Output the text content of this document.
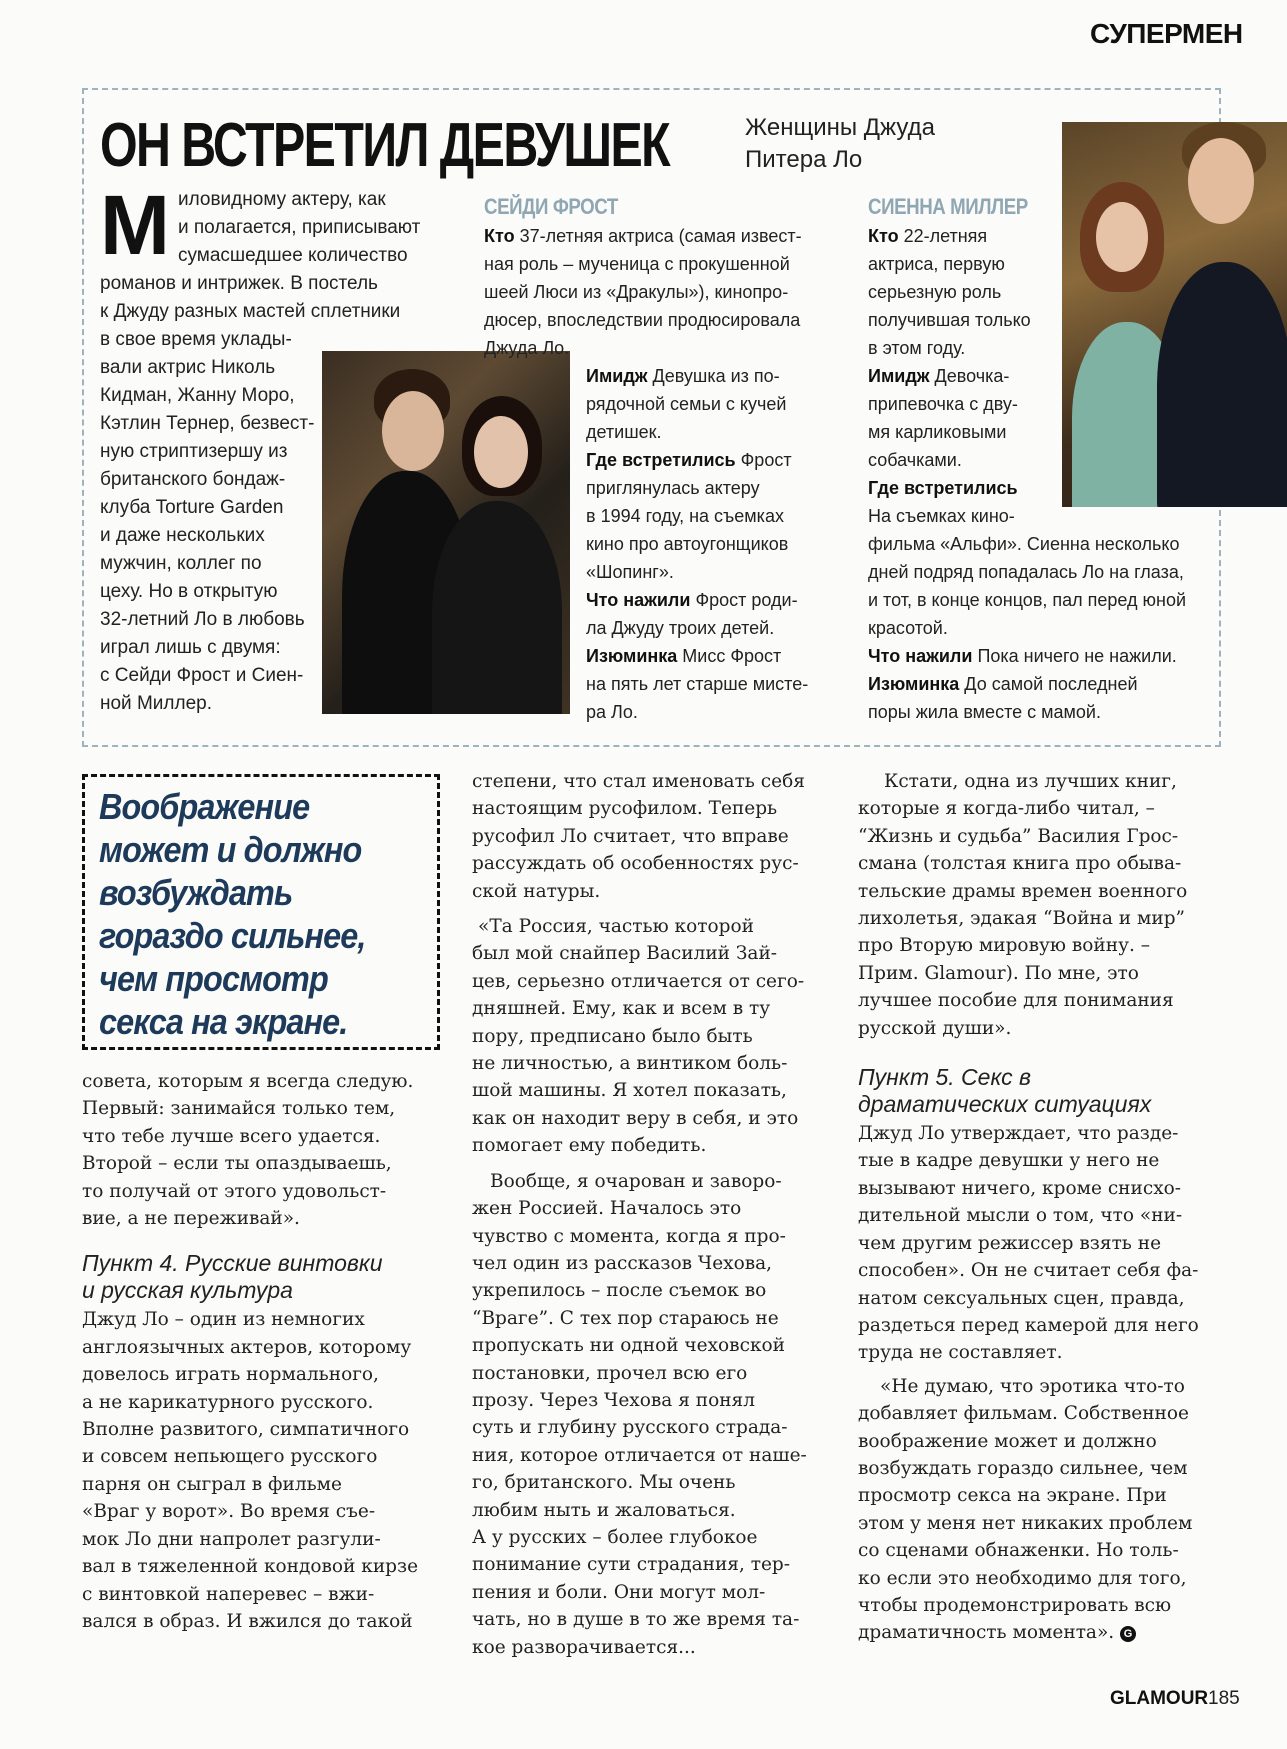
СУПЕРМЕН
ОН ВСТРЕТИЛ ДЕВУШЕК	Женщины Джуда
Питера Ло
М иловидному актеру, как
и полагается, приписывают
сумасшедшее количество
романов и интрижек. В постель
к Джуду разных мастей сплетники
в свое время уклады-
вали актрис Николь
Кидман, Жанну Моро,
Кэтлин Тернер, безвест-
ную стриптизершу из
британского бондаж-
клуба Torture Garden
и даже нескольких
мужчин, коллег по
цеху. Но в открытую
32-летний Ло в любовь
играл лишь с двумя:
с Сейди Фрост и Сиен-
ной Миллер.
СЕЙДИ ФРОСТ
Кто 37-летняя актриса (самая извест-
ная роль – мученица с прокушенной
шеей Люси из «Дракулы»), кинопро-
дюсер, впоследствии продюсировала
Джуда Ло.
Имидж Девушка из по-
рядочной семьи с кучей
детишек.
Где встретились Фрост
приглянулась актеру
в 1994 году, на съемках
кино про автоугонщиков
«Шопинг».
Что нажили Фрост роди-
ла Джуду троих детей.
Изюминка Мисс Фрост
на пять лет старше мисте-
ра Ло.
СИЕННА МИЛЛЕР
Кто 22-летняя
актриса, первую
серьезную роль
получившая только
в этом году.
Имидж Девочка-
припевочка с дву-
мя карликовыми
собачками.
Где встретились
На съемках кино-
фильма «Альфи». Сиенна несколько
дней подряд попадалась Ло на глаза,
и тот, в конце концов, пал перед юной
красотой.
Что нажили Пока ничего не нажили.
Изюминка До самой последней
поры жила вместе с мамой.
Воображение
может и должно
возбуждать
гораздо сильнее,
чем просмотр
секса на экране.
совета, которым я всегда следую.
Первый: занимайся только тем,
что тебе лучше всего удается.
Второй – если ты опаздываешь,
то получай от этого удовольст-
вие, а не переживай».
Пункт 4. Русские винтовки
и русская культура
Джуд Ло – один из немногих
англоязычных актеров, которому
довелось играть нормального,
а не карикатурного русского.
Вполне развитого, симпатичного
и совсем непьющего русского
парня он сыграл в фильме
«Враг у ворот». Во время съе-
мок Ло дни напролет разгули-
вал в тяжеленной кондовой кирзе
с винтовкой наперевес – вжи-
вался в образ. И вжился до такой
степени, что стал именовать себя
настоящим русофилом. Теперь
русофил Ло считает, что вправе
рассуждать об особенностях рус-
ской натуры.
«Та Россия, частью которой
был мой снайпер Василий Зай-
цев, серьезно отличается от сего-
дняшней. Ему, как и всем в ту
пору, предписано было быть
не личностью, а винтиком боль-
шой машины. Я хотел показать,
как он находит веру в себя, и это
помогает ему победить.
Вообще, я очарован и заворо-
жен Россией. Началось это
чувство с момента, когда я про-
чел один из рассказов Чехова,
укрепилось – после съемок во
“Враге”. С тех пор стараюсь не
пропускать ни одной чеховской
постановки, прочел всю его
прозу. Через Чехова я понял
суть и глубину русского страда-
ния, которое отличается от наше-
го, британского. Мы очень
любим ныть и жаловаться.
А у русских – более глубокое
понимание сути страдания, тер-
пения и боли. Они могут мол-
чать, но в душе в то же время та-
кое разворачивается...
Кстати, одна из лучших книг,
которые я когда-либо читал, –
“Жизнь и судьба” Василия Грос-
смана (толстая книга про обыва-
тельские драмы времен военного
лихолетья, эдакая “Война и мир”
про Вторую мировую войну. –
Прим. Glamour). По мне, это
лучшее пособие для понимания
русской души».
Пункт 5. Секс в
драматических ситуациях
Джуд Ло утверждает, что разде-
тые в кадре девушки у него не
вызывают ничего, кроме снисхо-
дительной мысли о том, что «ни-
чем другим режиссер взять не
способен». Он не считает себя фа-
натом сексуальных сцен, правда,
раздеться перед камерой для него
труда не составляет.
«Не думаю, что эротика что-то
добавляет фильмам. Собственное
воображение может и должно
возбуждать гораздо сильнее, чем
просмотр секса на экране. При
этом у меня нет никаких проблем
со сценами обнаженки. Но толь-
ко если это необходимо для того,
чтобы продемонстрировать всю
драматичность момента». G
GLAMOUR 185
